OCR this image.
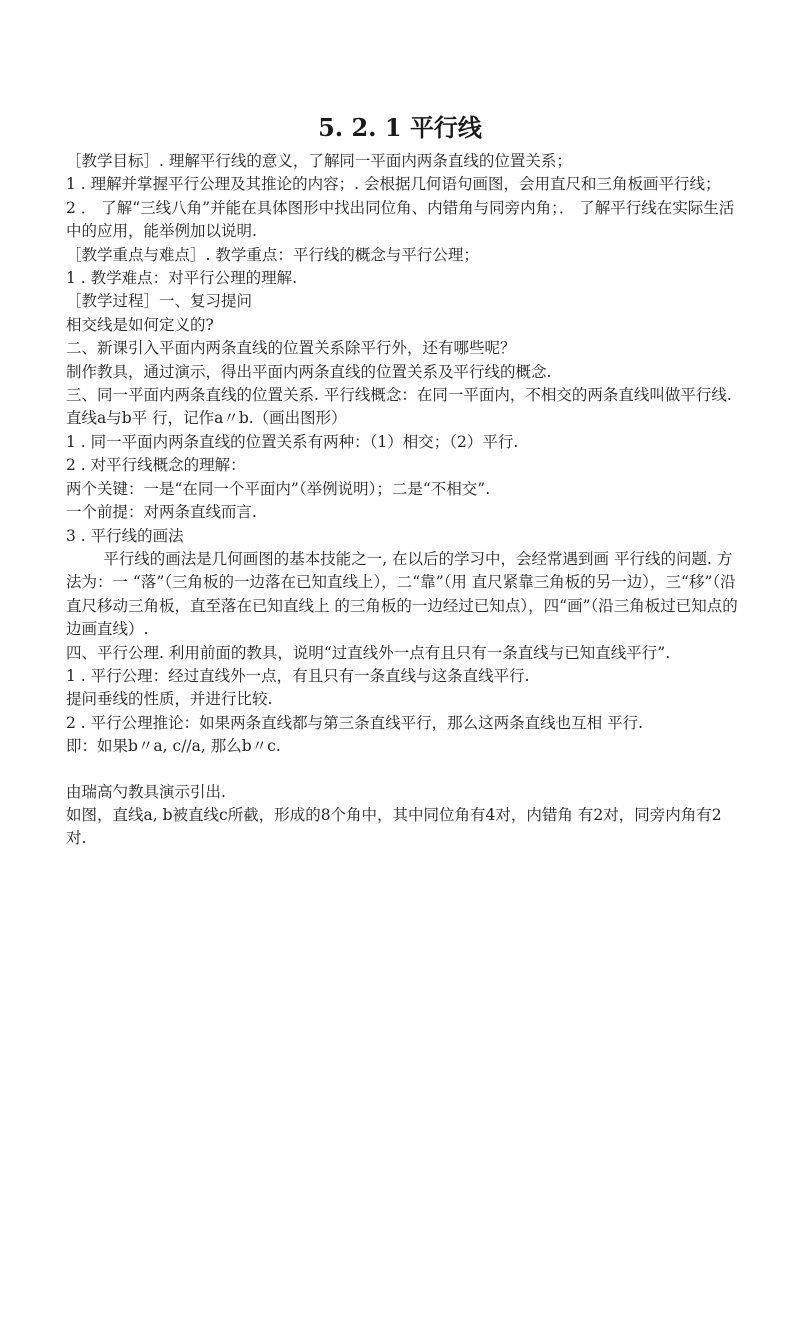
5. 2. 1 平行线

［教学目标］. 理解平行线的意义，了解同一平面内两条直线的位置关系；

1 . 理解并掌握平行公理及其推论的内容；. 会根据几何语句画图，会用直尺和三角板画平行线；

2 ． 了解“三线八角”并能在具体图形中找出同位角、内错角与同旁内角；． 了解平行线在实际生活中的应用，能举例加以说明.

［教学重点与难点］. 教学重点：平行线的概念与平行公理；

1 . 教学难点：对平行公理的理解.

［教学过程］一、复习提问

相交线是如何定义的?

二、新课引入平面内两条直线的位置关系除平行外，还有哪些呢？

制作教具，通过演示，得出平面内两条直线的位置关系及平行线的概念.

三、同一平面内两条直线的位置关系. 平行线概念：在同一平面内，不相交的两条直线叫做平行线. 直线a与b平 行，记作a〃b.（画出图形）

1 . 同一平面内两条直线的位置关系有两种：（1）相交；（2）平行.

2 . 对平行线概念的理解：

两个关键：一是“在同一个平面内”（举例说明）；二是“不相交”.

一个前提：对两条直线而言.

3 . 平行线的画法

平行线的画法是几何画图的基本技能之一, 在以后的学习中，会经常遇到画 平行线的问题. 方法为：一 “落”（三角板的一边落在已知直线上），二“靠”（用 直尺紧靠三角板的另一边），三“移”（沿直尺移动三角板，直至落在已知直线上 的三角板的一边经过已知点），四“画”（沿三角板过已知点的边画直线）.

四、平行公理. 利用前面的教具，说明“过直线外一点有且只有一条直线与已知直线平行”.

1 . 平行公理：经过直线外一点，有且只有一条直线与这条直线平行.

提问垂线的性质，并进行比较.

2 . 平行公理推论：如果两条直线都与第三条直线平行，那么这两条直线也互相 平行.

即：如果b〃a, c//a, 那么b〃c.

由瑞高勺教具演示引出.

如图，直线a, b被直线c所截，形成的8个角中，其中同位角有4对，内错角 有2对，同旁内角有2对.
